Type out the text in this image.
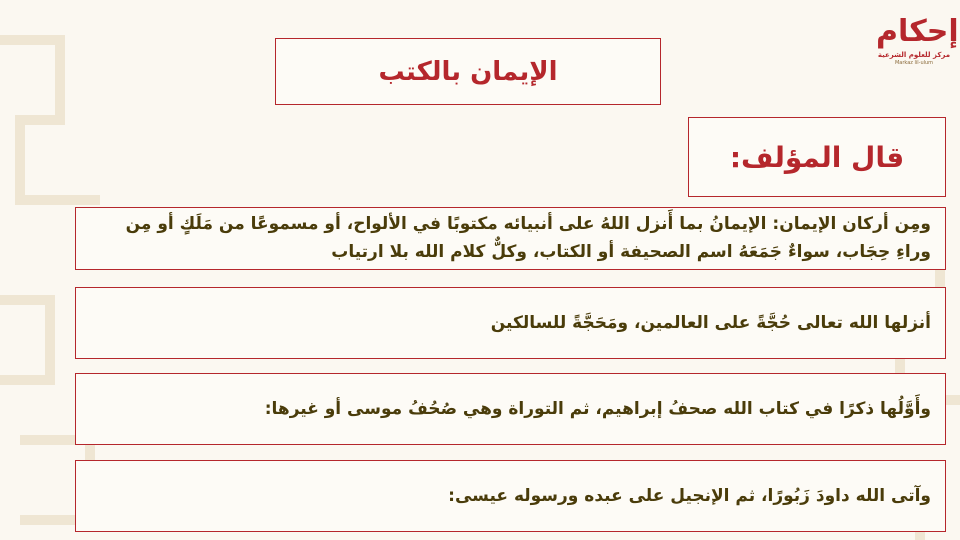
الإيمان بالكتب
قال المؤلف:
ومِن أركان الإيمان: الإيمانُ بما أَنزل اللهُ على أنبيائه مكتوبًا في الألواح، أو مسموعًا من مَلَكٍ أو مِن وراءِ حِجَاب، سواءٌ جَمَعَهُ اسم الصحيفة أو الكتاب، وكلٌّ كلام الله بلا ارتياب
أنزلها الله تعالى حُجَّةً على العالمين، ومَحَجَّةً للسالكين
وأَوَّلُها ذكرًا في كتاب الله صحفُ إبراهيم، ثم التوراة وهي صُحُفُ موسى أو غيرها:
وآتى الله داودَ زَبُورًا، ثم الإنجيل على عبده ورسوله عيسى:
إحكام
مركز للعلوم الشرعية
Markaz lil-ulum
